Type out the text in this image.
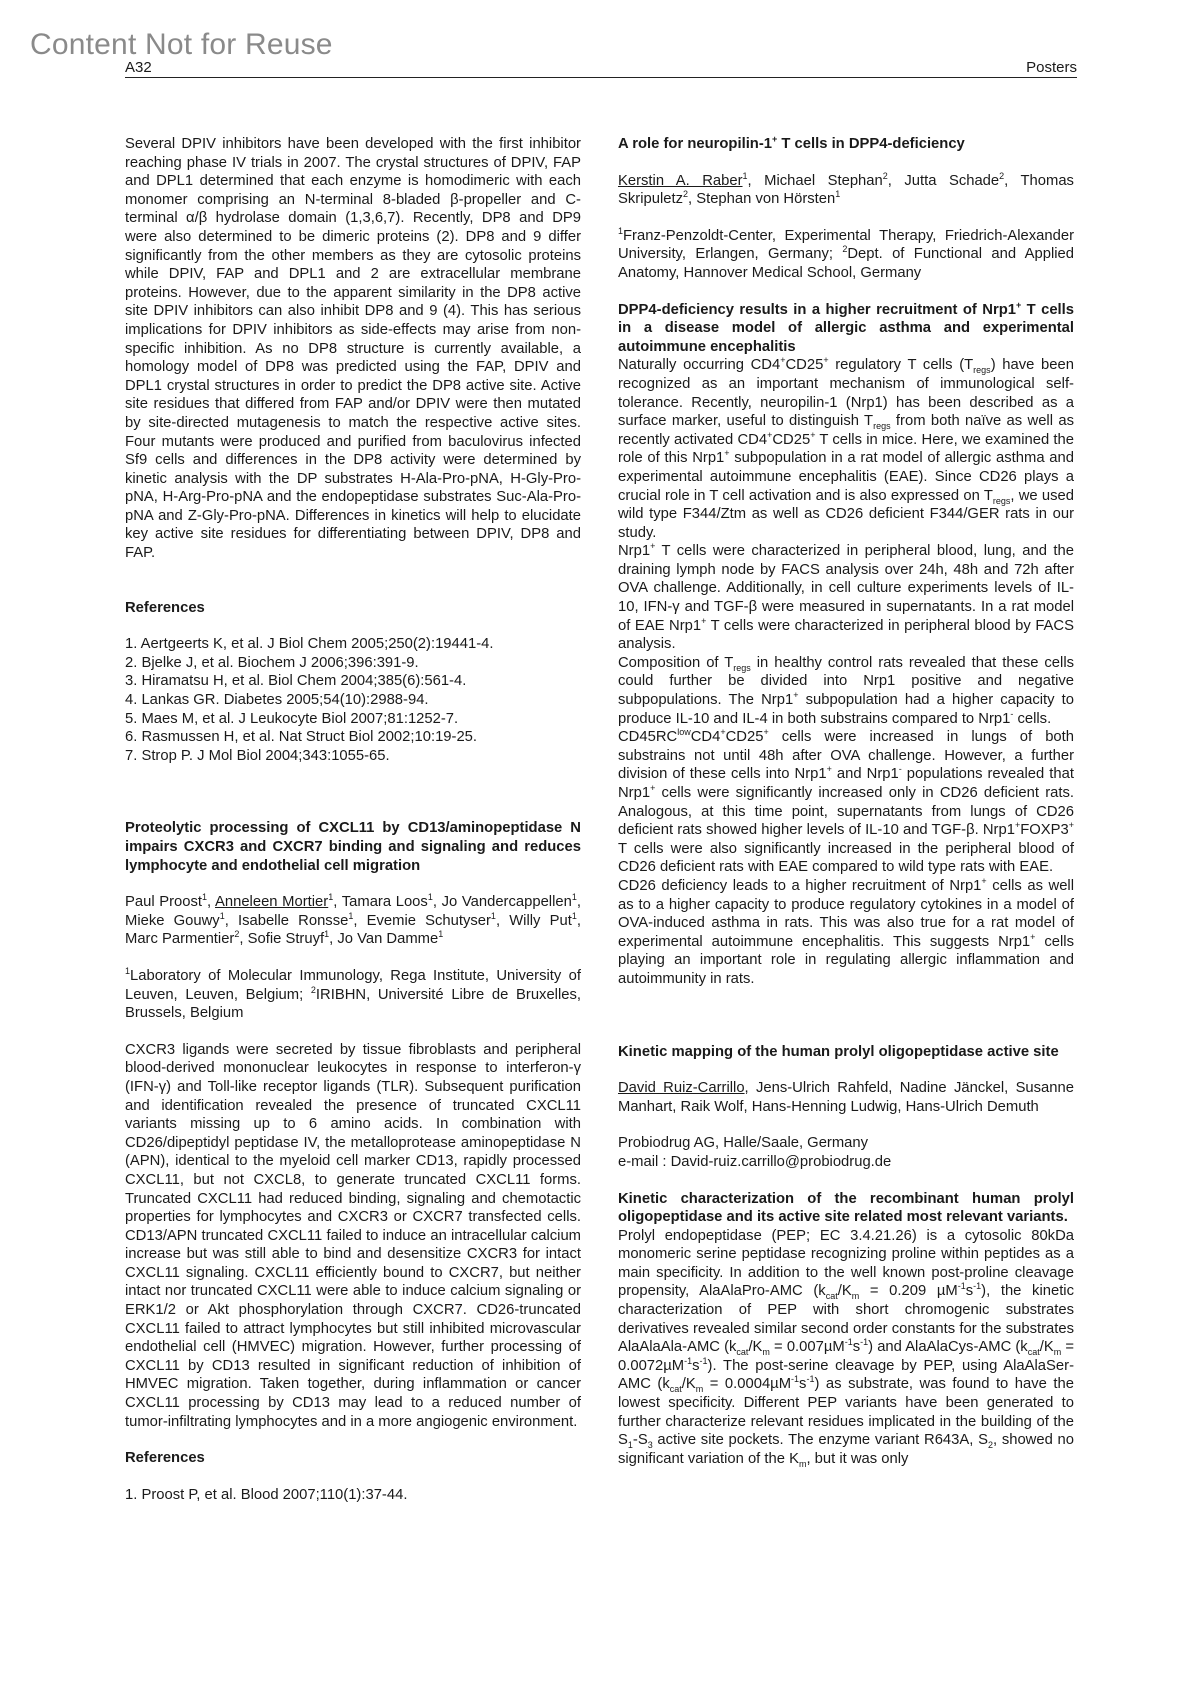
Content Not for Reuse
A32	Posters

Several DPIV inhibitors have been developed with the first inhibitor reaching phase IV trials in 2007. The crystal structures of DPIV, FAP and DPL1 determined that each enzyme is homodimeric with each monomer comprising an N-terminal 8-bladed β-propeller and C-terminal α/β hydrolase domain (1,3,6,7). Recently, DP8 and DP9 were also determined to be dimeric proteins (2). DP8 and 9 differ significantly from the other members as they are cytosolic proteins while DPIV, FAP and DPL1 and 2 are extracellular membrane proteins. However, due to the apparent similarity in the DP8 active site DPIV inhibitors can also inhibit DP8 and 9 (4). This has serious implications for DPIV inhibitors as side-effects may arise from non-specific inhibition. As no DP8 structure is currently available, a homology model of DP8 was predicted using the FAP, DPIV and DPL1 crystal structures in order to predict the DP8 active site. Active site residues that differed from FAP and/or DPIV were then mutated by site-directed mutagenesis to match the respective active sites. Four mutants were produced and purified from baculovirus infected Sf9 cells and differences in the DP8 activity were determined by kinetic analysis with the DP substrates H-Ala-Pro-pNA, H-Gly-Pro-pNA, H-Arg-Pro-pNA and the endopeptidase substrates Suc-Ala-Pro-pNA and Z-Gly-Pro-pNA. Differences in kinetics will help to elucidate key active site residues for differentiating between DPIV, DP8 and FAP.

References

1. Aertgeerts K, et al. J Biol Chem 2005;250(2):19441-4.

2. Bjelke J, et al. Biochem J 2006;396:391-9.

3. Hiramatsu H, et al. Biol Chem 2004;385(6):561-4.

4. Lankas GR. Diabetes 2005;54(10):2988-94.

5. Maes M, et al. J Leukocyte Biol 2007;81:1252-7.

6. Rasmussen H, et al. Nat Struct Biol 2002;10:19-25.

7. Strop P. J Mol Biol 2004;343:1055-65.

Proteolytic processing of CXCL11 by CD13/aminopeptidase N impairs CXCR3 and CXCR7 binding and signaling and reduces lymphocyte and endothelial cell migration

Paul Proost$^1$, Anneleen Mortier$^1$, Tamara Loos$^1$, Jo Vandercappellen$^1$, Mieke Gouwy$^1$, Isabelle Ronsse$^1$, Evemie Schutyser$^1$, Willy Put$^1$, Marc Parmentier$^2$, Sofie Struyf$^1$, Jo Van Damme$^1$

$^1$Laboratory of Molecular Immunology, Rega Institute, University of Leuven, Leuven, Belgium; $^2$IRIBHN, Université Libre de Bruxelles, Brussels, Belgium

CXCR3 ligands were secreted by tissue fibroblasts and peripheral blood-derived mononuclear leukocytes in response to interferon-γ (IFN-γ) and Toll-like receptor ligands (TLR). Subsequent purification and identification revealed the presence of truncated CXCL11 variants missing up to 6 amino acids. In combination with CD26/dipeptidyl peptidase IV, the metalloprotease aminopeptidase N (APN), identical to the myeloid cell marker CD13, rapidly processed CXCL11, but not CXCL8, to generate truncated CXCL11 forms. Truncated CXCL11 had reduced binding, signaling and chemotactic properties for lymphocytes and CXCR3 or CXCR7 transfected cells. CD13/APN truncated CXCL11 failed to induce an intracellular calcium increase but was still able to bind and desensitize CXCR3 for intact CXCL11 signaling. CXCL11 efficiently bound to CXCR7, but neither intact nor truncated CXCL11 were able to induce calcium signaling or ERK1/2 or Akt phosphorylation through CXCR7. CD26-truncated CXCL11 failed to attract lymphocytes but still inhibited microvascular endothelial cell (HMVEC) migration. However, further processing of CXCL11 by CD13 resulted in significant reduction of inhibition of HMVEC migration. Taken together, during inflammation or cancer CXCL11 processing by CD13 may lead to a reduced number of tumor-infiltrating lymphocytes and in a more angiogenic environment.

References

1. Proost P, et al. Blood 2007;110(1):37-44.

A role for neuropilin-1+ T cells in DPP4-deficiency

Kerstin A. Raber$^1$, Michael Stephan$^2$, Jutta Schade$^2$, Thomas Skripuletz$^2$, Stephan von Hörsten$^1$

$^1$Franz-Penzoldt-Center, Experimental Therapy, Friedrich-Alexander University, Erlangen, Germany; $^2$Dept. of Functional and Applied Anatomy, Hannover Medical School, Germany

DPP4-deficiency results in a higher recruitment of Nrp1+ T cells in a disease model of allergic asthma and experimental autoimmune encephalitis

Naturally occurring CD4+CD25+ regulatory T cells $(T_{regs})$ have been recognized as an important mechanism of immunological self-tolerance. Recently, neuropilin-1 (Nrp1) has been described as a surface marker, useful to distinguish $T_{regs}$ from both naïve as well as recently activated CD4+CD25+ T cells in mice. Here, we examined the role of this Nrp1+ subpopulation in a rat model of allergic asthma and experimental autoimmune encephalitis (EAE). Since CD26 plays a crucial role in T cell activation and is also expressed on $T_{regs}$, we used wild type F344/Ztm as well as CD26 deficient F344/GER rats in our study.

Nrp1+ T cells were characterized in peripheral blood, lung, and the draining lymph node by FACS analysis over 24h, 48h and 72h after OVA challenge. Additionally, in cell culture experiments levels of IL-10, IFN-γ and TGF-β were measured in supernatants. In a rat model of EAE Nrp1+ T cells were characterized in peripheral blood by FACS analysis.

Composition of $T_{regs}$ in healthy control rats revealed that these cells could further be divided into Nrp1 positive and negative subpopulations. The Nrp1+ subpopulation had a higher capacity to produce IL-10 and IL-4 in both substrains compared to Nrp1- cells.

$CD45RC^{low}CD4^+CD25^+$ cells were increased in lungs of both substrains not until 48h after OVA challenge. However, a further division of these cells into Nrp1+ and Nrp1- populations revealed that Nrp1+ cells were significantly increased only in CD26 deficient rats. Analogous, at this time point, supernatants from lungs of CD26 deficient rats showed higher levels of IL-10 and TGF-β. Nrp1+FOXP3+ T cells were also significantly increased in the peripheral blood of CD26 deficient rats with EAE compared to wild type rats with EAE.

CD26 deficiency leads to a higher recruitment of Nrp1+ cells as well as to a higher capacity to produce regulatory cytokines in a model of OVA-induced asthma in rats. This was also true for a rat model of experimental autoimmune encephalitis. This suggests Nrp1+ cells playing an important role in regulating allergic inflammation and autoimmunity in rats.

Kinetic mapping of the human prolyl oligopeptidase active site

David Ruiz-Carrillo, Jens-Ulrich Rahfeld, Nadine Jänckel, Susanne Manhart, Raik Wolf, Hans-Henning Ludwig, Hans-Ulrich Demuth

Probiodrug AG, Halle/Saale, Germany

e-mail : David-ruiz.carrillo@probiodrug.de

Kinetic characterization of the recombinant human prolyl oligopeptidase and its active site related most relevant variants.

Prolyl endopeptidase (PEP; EC 3.4.21.26) is a cytosolic 80kDa monomeric serine peptidase recognizing proline within peptides as a main specificity. In addition to the well known post-proline cleavage propensity, AlaAlaPro-AMC ($k_{cat}/K_m = 0.209$ $\mu M^{-1}s^{-1}$), the kinetic characterization of PEP with short chromogenic substrates derivatives revealed similar second order constants for the substrates AlaAlaAla-AMC $(k_{cat}/K_m = 0.007\mu M^{-1}s^{-1})$ and AlaAlaCys-AMC $(k_{cat}/K_m = 0.0072\mu M^{-1}s^{-1})$. The post-serine cleavage by PEP, using AlaAlaSer-AMC $(k_{cat}/K_m = 0.0004\mu M^{-1}s^{-1})$ as substrate, was found to have the lowest specificity. Different PEP variants have been generated to further characterize relevant residues implicated in the building of the $S_1-S_3$ active site pockets. The enzyme variant R643A, $S_2$, showed no significant variation of the $K_m$, but it was only
